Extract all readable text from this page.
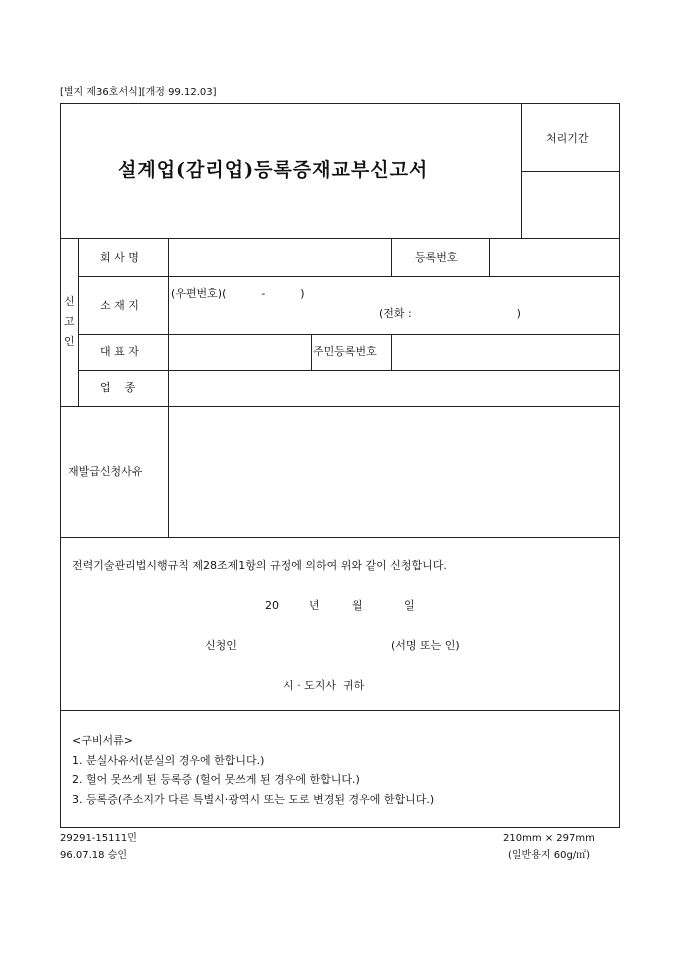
[별지 제36호서식][개정 99.12.03]
설계업(감리업)등록증재교부신고서
처리기간
신
고
인
회 사 명	등록번호
소 재 지
(우편번호)(          -          )
(전화 :                              )
대 표 자	주민등록번호
업    종
재발급신청사유
전력기술관리법시행규칙 제28조제1항의 규정에 의하여 위와 같이 신청합니다.
20	년	월	일
신청인	(서명 또는 인)
시 · 도지사  귀하
<구비서류>
1. 분실사유서(분실의 경우에 한합니다.)
2. 헐어 못쓰게 된 등록증 (헐어 못쓰게 된 경우에 한합니다.)
3. 등록증(주소지가 다른 특별시·광역시 또는 도로 변경된 경우에 한합니다.)
29291-15111민
96.07.18 승인
210mm × 297mm
(일반용지 60g/㎡)
